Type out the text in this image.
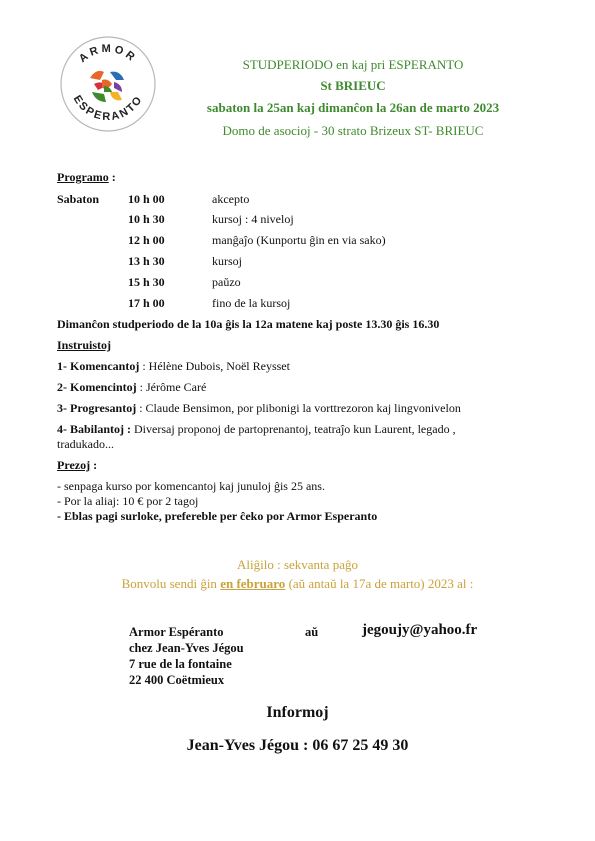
ARMOR
ESPERANTO
STUDPERIODO en kaj pri ESPERANTO
St BRIEUC
sabaton la 25an kaj dimanĉon la 26an de marto 2023
Domo de asocioj - 30 strato Brizeux ST- BRIEUC
Programo :
Sabaton 10 h 00	akcepto
10 h 30	kursoj : 4 niveloj
12 h 00	manĝaĵo (Kunportu ĝin en via sako)
13 h 30	kursoj
15 h 30	paŭzo
17 h 00	fino de la kursoj
Dimanĉon studperiodo de la 10a ĝis la 12a matene kaj poste 13.30 ĝis 16.30
Instruistoj
1- Komencantoj : Hélène Dubois, Noël Reysset
2- Komencintoj : Jérôme Caré
3- Progresantoj : Claude Bensimon, por plibonigi la vorttrezoron kaj lingvonivelon
4- Babilantoj : Diversaj proponoj de partoprenantoj, teatraĵo kun Laurent, legado ,
tradukado...
Prezoj :
- senpaga kurso por komencantoj kaj junuloj ĝis 25 ans.
- Por la aliaj: 10 € por 2 tagoj
- Eblas pagi surloke, prefereble per ĉeko por Armor Esperanto
Aliĝilo : sekvanta paĝo
Bonvolu sendi ĝin en februaro (aŭ antaŭ la 17a de marto) 2023 al :
Armor Espéranto
chez Jean-Yves Jégou
7 rue de la fontaine
22 400 Coëtmieux
aŭ	jegoujy@yahoo.fr
Informoj
Jean-Yves Jégou : 06 67 25 49 30
